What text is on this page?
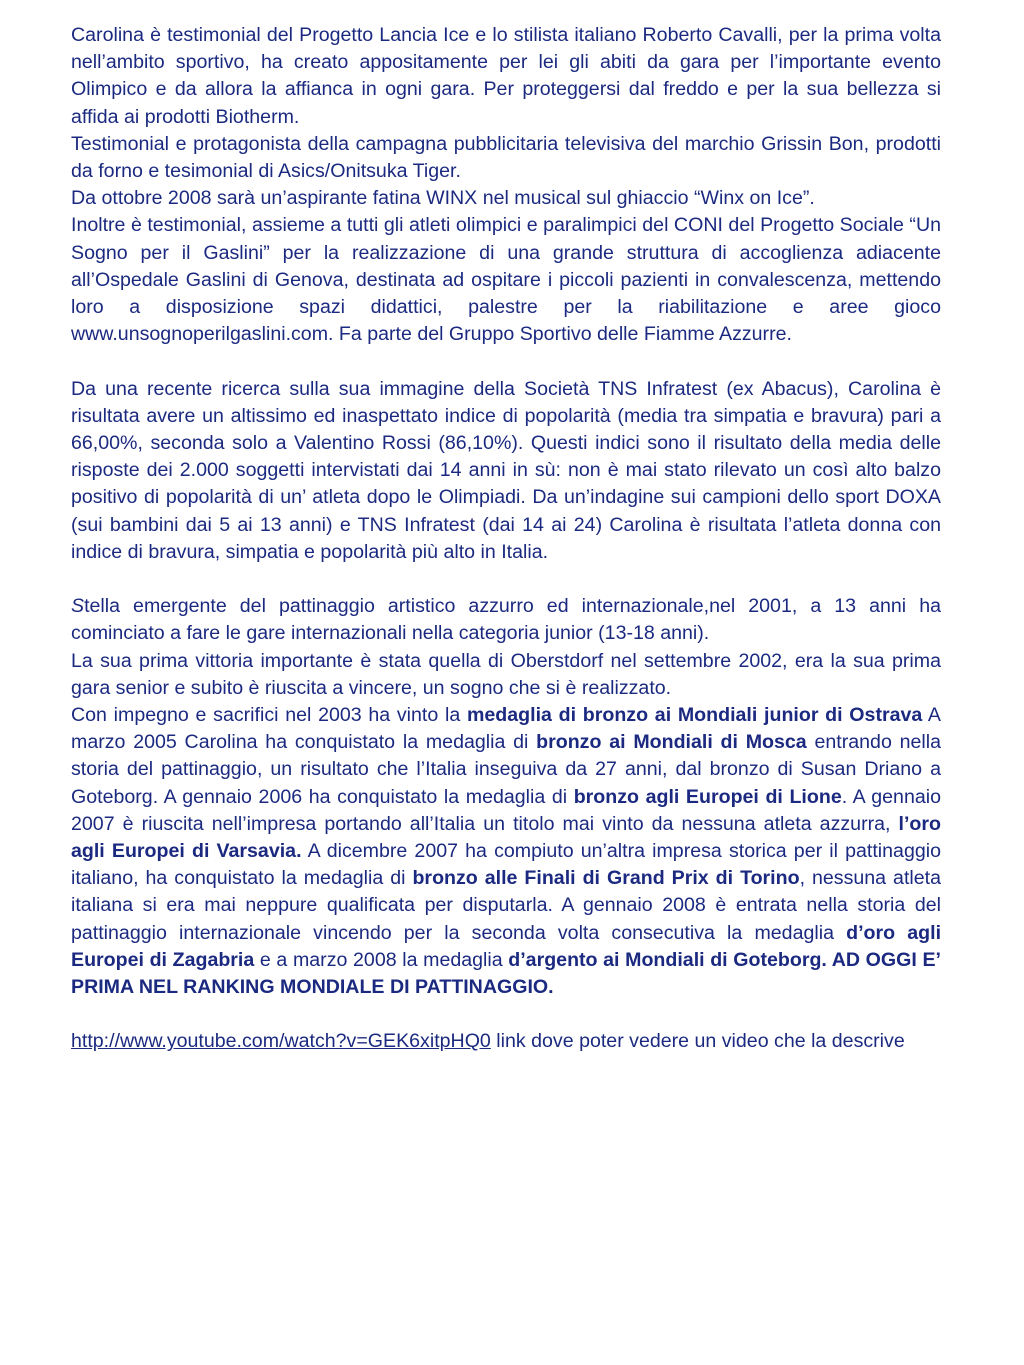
Carolina è testimonial del Progetto Lancia Ice e lo stilista italiano Roberto Cavalli, per la prima volta nell’ambito sportivo, ha creato appositamente per lei gli abiti da gara per l’importante evento Olimpico e da allora la affianca in ogni gara. Per proteggersi dal freddo e per la sua bellezza si affida ai prodotti Biotherm.

Testimonial e protagonista della campagna pubblicitaria televisiva del marchio Grissin Bon, prodotti da forno e tesimonial di Asics/Onitsuka Tiger.

Da ottobre 2008 sarà un’aspirante fatina WINX nel musical sul ghiaccio “Winx on Ice”.

Inoltre è testimonial, assieme a tutti gli atleti olimpici e paralimpici del CONI del Progetto Sociale “Un Sogno per il Gaslini” per la realizzazione di una grande struttura di accoglienza adiacente all’Ospedale Gaslini di Genova, destinata ad ospitare i piccoli pazienti in convalescenza, mettendo loro a disposizione spazi didattici, palestre per la riabilitazione e aree gioco www.unsognoperilgaslini.com. Fa parte del Gruppo Sportivo delle Fiamme Azzurre.

Da una recente ricerca sulla sua immagine della Società TNS Infratest (ex Abacus), Carolina è risultata avere un altissimo ed inaspettato indice di popolarità (media tra simpatia e bravura) pari a 66,00%, seconda solo a Valentino Rossi (86,10%). Questi indici sono il risultato della media delle risposte dei 2.000 soggetti intervistati dai 14 anni in sù: non è mai stato rilevato un così alto balzo positivo di popolarità di un’ atleta dopo le Olimpiadi. Da un’indagine sui campioni dello sport DOXA (sui bambini dai 5 ai 13 anni) e TNS Infratest (dai 14 ai 24) Carolina è risultata l’atleta donna con indice di bravura, simpatia e popolarità più alto in Italia.

Stella emergente del pattinaggio artistico azzurro ed internazionale,nel 2001, a 13 anni ha cominciato a fare le gare internazionali nella categoria junior (13-18 anni).

La sua prima vittoria importante è stata quella di Oberstdorf nel settembre 2002, era la sua prima gara senior e subito è riuscita a vincere, un sogno che si è realizzato.

Con impegno e sacrifici nel 2003 ha vinto la medaglia di bronzo ai Mondiali junior di Ostrava A marzo 2005 Carolina ha conquistato la medaglia di bronzo ai Mondiali di Mosca entrando nella storia del pattinaggio, un risultato che l’Italia inseguiva da 27 anni, dal bronzo di Susan Driano a Goteborg. A gennaio 2006 ha conquistato la medaglia di bronzo agli Europei di Lione. A gennaio 2007 è riuscita nell’impresa portando all’Italia un titolo mai vinto da nessuna atleta azzurra, l’oro agli Europei di Varsavia. A dicembre 2007 ha compiuto un’altra impresa storica per il pattinaggio italiano, ha conquistato la medaglia di bronzo alle Finali di Grand Prix di Torino, nessuna atleta italiana si era mai neppure qualificata per disputarla. A gennaio 2008 è entrata nella storia del pattinaggio internazionale vincendo per la seconda volta consecutiva la medaglia d’oro agli Europei di Zagabria e a marzo 2008 la medaglia d’argento ai Mondiali di Goteborg. AD OGGI E’ PRIMA NEL RANKING MONDIALE DI PATTINAGGIO.

http://www.youtube.com/watch?v=GEK6xitpHQ0 link dove poter vedere un video che la descrive
